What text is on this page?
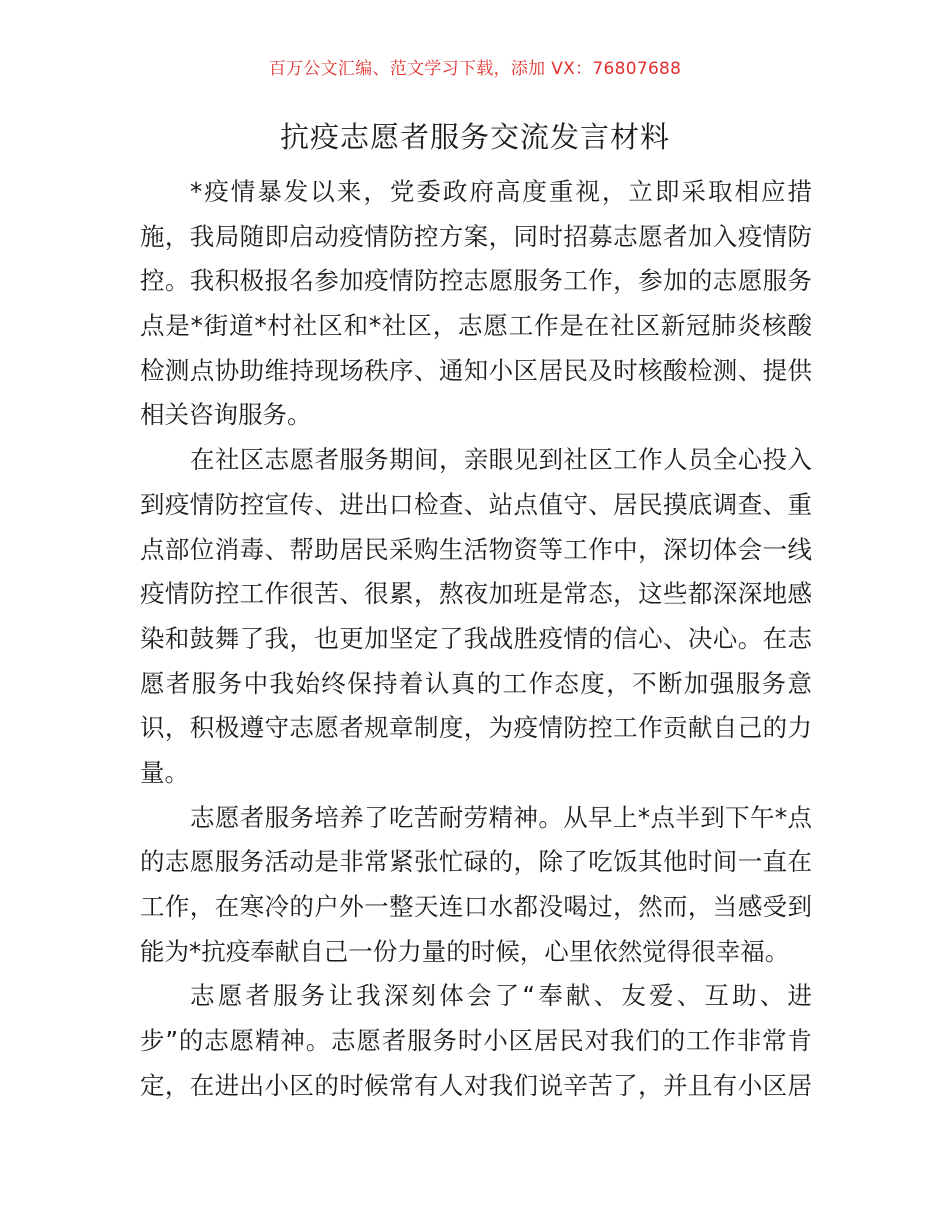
百万公文汇编、范文学习下载，添加 VX：76807688
抗疫志愿者服务交流发言材料
*疫情暴发以来，党委政府高度重视，立即采取相应措
施，我局随即启动疫情防控方案，同时招募志愿者加入疫情防
控。我积极报名参加疫情防控志愿服务工作，参加的志愿服务
点是*街道*村社区和*社区，志愿工作是在社区新冠肺炎核酸
检测点协助维持现场秩序、通知小区居民及时核酸检测、提供
相关咨询服务。
在社区志愿者服务期间，亲眼见到社区工作人员全心投入
到疫情防控宣传、进出口检查、站点值守、居民摸底调查、重
点部位消毒、帮助居民采购生活物资等工作中，深切体会一线
疫情防控工作很苦、很累，熬夜加班是常态，这些都深深地感
染和鼓舞了我，也更加坚定了我战胜疫情的信心、决心。在志
愿者服务中我始终保持着认真的工作态度，不断加强服务意
识，积极遵守志愿者规章制度，为疫情防控工作贡献自己的力
量。
志愿者服务培养了吃苦耐劳精神。从早上*点半到下午*点
的志愿服务活动是非常紧张忙碌的，除了吃饭其他时间一直在
工作，在寒冷的户外一整天连口水都没喝过，然而，当感受到
能为*抗疫奉献自己一份力量的时候，心里依然觉得很幸福。
志愿者服务让我深刻体会了“奉献、友爱、互助、进
步”的志愿精神。志愿者服务时小区居民对我们的工作非常肯
定，在进出小区的时候常有人对我们说辛苦了，并且有小区居
